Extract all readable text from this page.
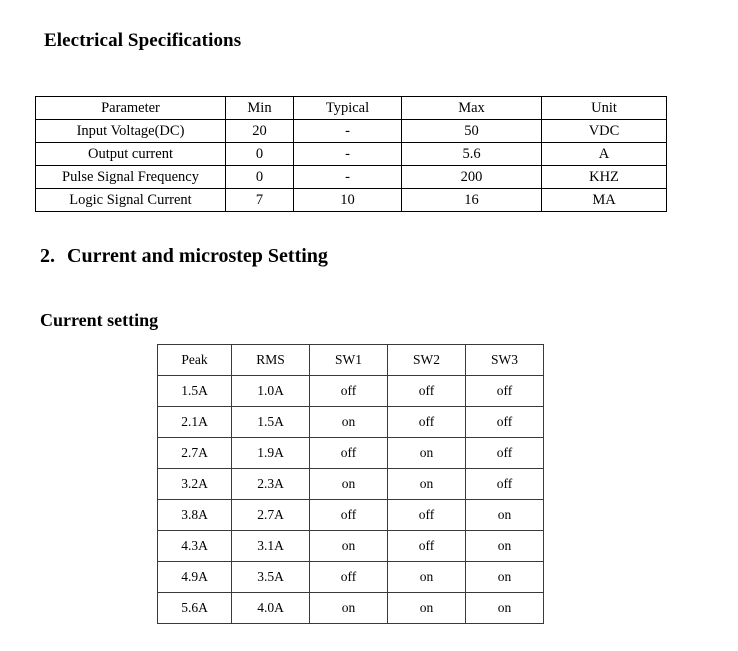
Electrical Specifications
Parameter	Min	Typical	Max	Unit
Input Voltage(DC)	20	-	50	VDC
Output current	0	-	5.6	A
Pulse Signal Frequency	0	-	200	KHZ
Logic Signal Current	7	10	16	MA
2. Current and microstep Setting
Current setting
Peak	RMS	SW1	SW2	SW3
1.5A	1.0A	off	off	off
2.1A	1.5A	on	off	off
2.7A	1.9A	off	on	off
3.2A	2.3A	on	on	off
3.8A	2.7A	off	off	on
4.3A	3.1A	on	off	on
4.9A	3.5A	off	on	on
5.6A	4.0A	on	on	on
